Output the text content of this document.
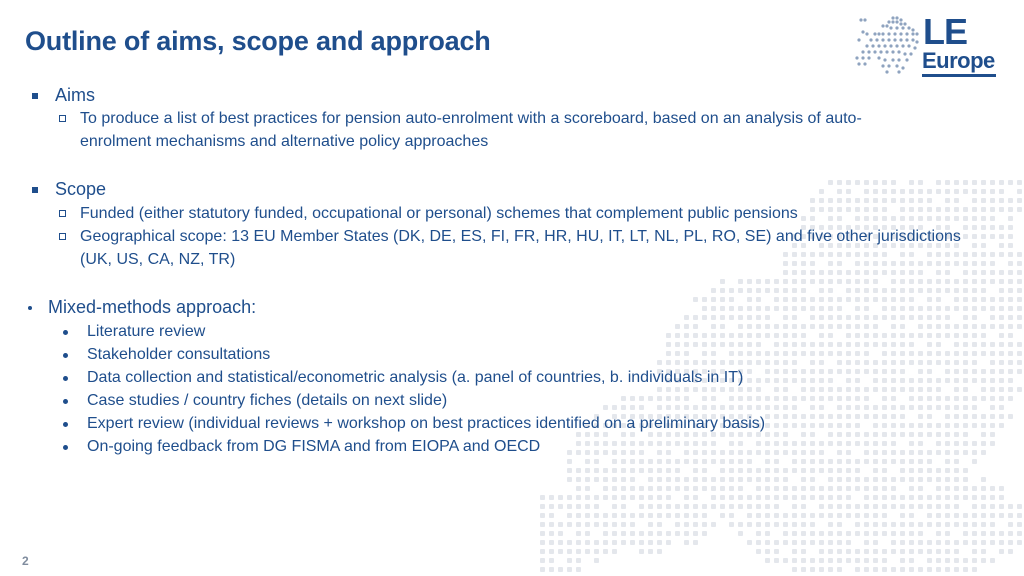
Outline of aims, scope and approach	LE
Europe
Aims
To produce a list of best practices for pension auto-enrolment with a scoreboard, based on an analysis of auto-
enrolment mechanisms and alternative policy approaches
Scope
Funded (either statutory funded, occupational or personal) schemes that complement public pensions
Geographical scope: 13 EU Member States (DK, DE, ES, FI, FR, HR, HU, IT, LT, NL, PL, RO, SE) and five other jurisdictions
(UK, US, CA, NZ, TR)
Mixed-methods approach:
Literature review
Stakeholder consultations
Data collection and statistical/econometric analysis (a. panel of countries, b. individuals in IT)
Case studies / country fiches (details on next slide)
Expert review (individual reviews + workshop on best practices identified on a preliminary basis)
On-going feedback from DG FISMA and from EIOPA and OECD
2
